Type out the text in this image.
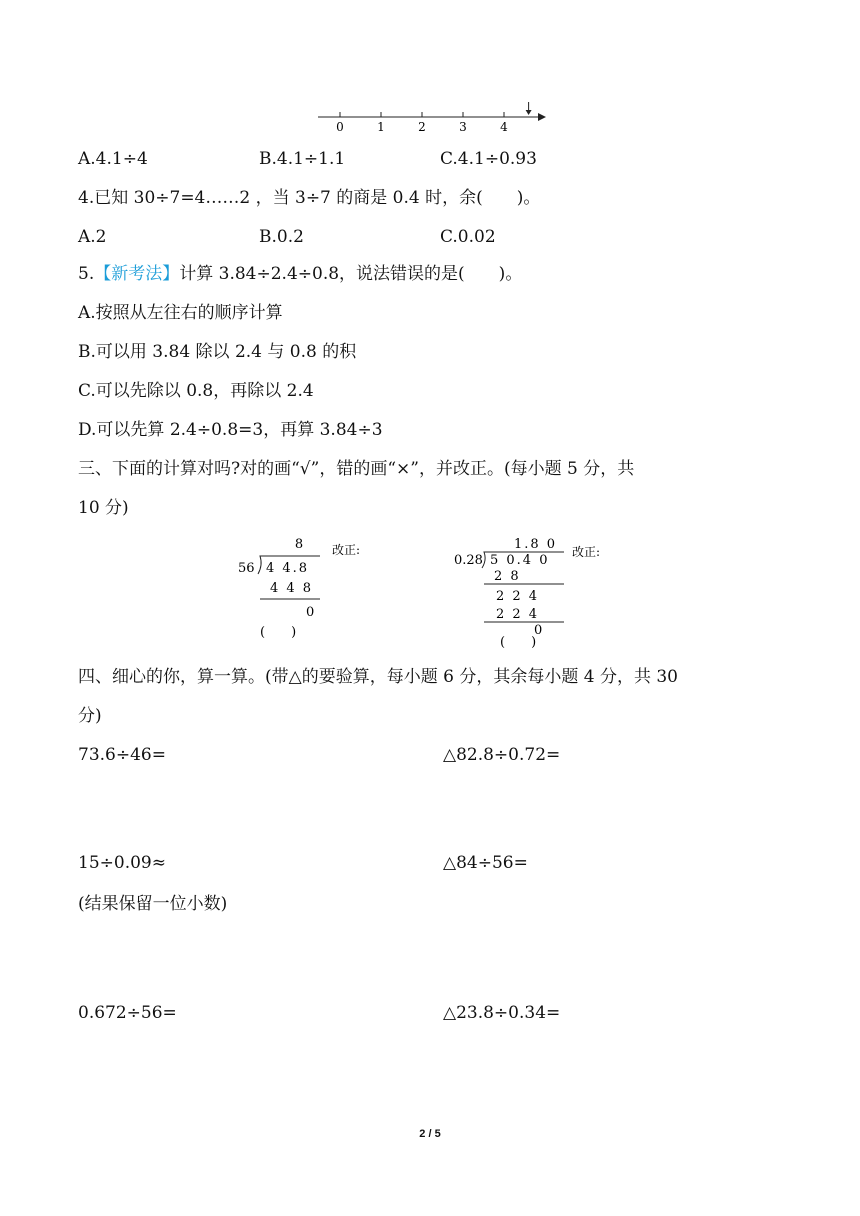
0	1	2	3	4
A.4.1÷4	B.4.1÷1.1	C.4.1÷0.93
4.已知 30÷7=4……2 ，当 3÷7 的商是 0.4 时，余(　　)。
A.2	B.0.2	C.0.02
5.【新考法】计算 3.84÷2.4÷0.8，说法错误的是(　　)。
A.按照从左往右的顺序计算
B.可以用 3.84 除以 2.4 与 0.8 的积
C.可以先除以 0.8，再除以 2.4
D.可以先算 2.4÷0.8=3，再算 3.84÷3
三、下面的计算对吗?对的画“√”，错的画“×”，并改正。(每小题 5 分，共
10 分)
8
56 4 4.8
4 4 8
0
(　　)
改正:	1.8 0
0.28 5 0.4 0
2 8
2 2 4
2 2 4
0
(　　)
改正:
四、细心的你，算一算。(带△的要验算，每小题 6 分，其余每小题 4 分，共 30
分)
73.6÷46=	△82.8÷0.72=
15÷0.09≈	△84÷56=
(结果保留一位小数)
0.672÷56=	△23.8÷0.34=
2 / 5
